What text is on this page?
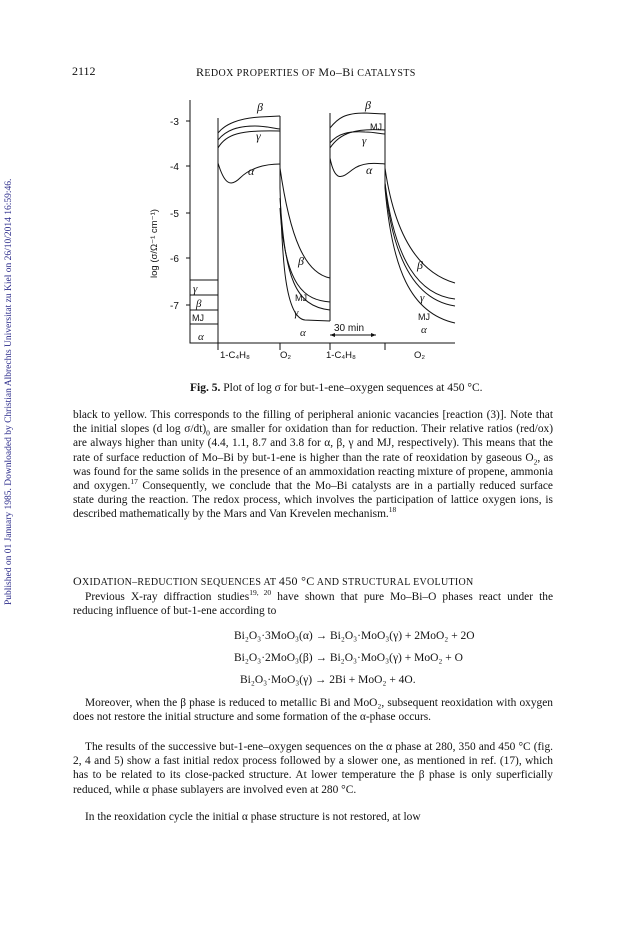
Published on 01 January 1985. Downloaded by Christian Albrechts Universitat zu Kiel on 26/10/2014 16:59:46.
2112	REDOX PROPERTIES OF Mo–Bi CATALYSTS
log (σ/Ω⁻¹ cm⁻¹)
-3
-4
-5
-6
-7
γ
β
MJ
α
β
γ
α
β
MJ
γ
α
β
MJ
γ
α
β
γ
MJ
α
30 min
1-C₄H₈	O₂	1-C₄H₈	O₂
Fig. 5. Plot of log σ for but-1-ene–oxygen sequences at 450 °C.

black to yellow. This corresponds to the filling of peripheral anionic vacancies [reaction (3)]. Note that the initial slopes (d $\log \sigma/dt)_0$ are smaller for oxidation than for reduction. Their relative ratios (red/ox) are always higher than unity (4.4, 1.1, 8.7 and 3.8 for α, β, γ and MJ, respectively). This means that the rate of surface reduction of Mo–Bi by but-1-ene is higher than the rate of reoxidation by gaseous $O_2$, as was found for the same solids in the presence of an ammoxidation reacting mixture of propene, ammonia and oxygen.$^{17}$ Consequently, we conclude that the Mo–Bi catalysts are in a partially reduced surface state during the reaction. The redox process, which involves the participation of lattice oxygen ions, is described mathematically by the Mars and Van Krevelen mechanism.$^{18}$

OXIDATION–REDUCTION SEQUENCES AT 450 °C AND STRUCTURAL EVOLUTION

Previous X-ray diffraction studies$^{19, 20}$ have shown that pure Mo–Bi–O phases react under the reducing influence of but-1-ene according to

Bi₂O₃·3MoO₃(α) → Bi₂O₃·MoO₃(γ) + 2MoO₂ + 2O
Bi₂O₃·2MoO₃(β) → Bi₂O₃·MoO₃(γ) + MoO₂ + O
Bi₂O₃·MoO₃(γ) → 2Bi + MoO₂ + 4O.

Moreover, when the β phase is reduced to metallic Bi and MoO₂, subsequent reoxidation with oxygen does not restore the initial structure and some formation of the α-phase occurs.

The results of the successive but-1-ene–oxygen sequences on the α phase at 280, 350 and 450 °C (fig. 2, 4 and 5) show a fast initial redox process followed by a slower one, as mentioned in ref. (17), which has to be related to its close-packed structure. At lower temperature the β phase is only superficially reduced, while α phase sublayers are involved even at 280 °C.

In the reoxidation cycle the initial α phase structure is not restored, at low
